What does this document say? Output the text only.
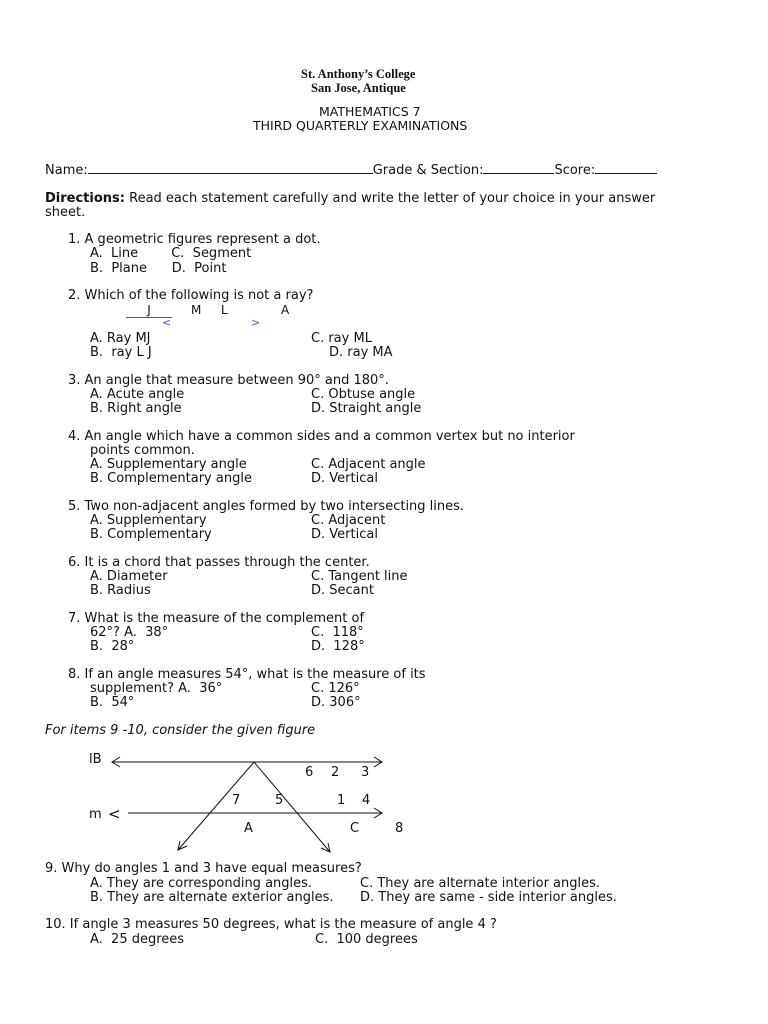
St. Anthony’s College
San Jose, Antique
MATHEMATICS 7
THIRD QUARTERLY EXAMINATIONS
Name:	Grade & Section:	Score:
Directions: Read each statement carefully and write the letter of your choice in your answer
sheet.
1. A geometric figures represent a dot.
A.  Line        C.  Segment
B.  Plane      D.  Point
2. Which of the following is not a ray?
J	M L	A
<	>
A. Ray MJ	C. ray ML
B.  ray L J	D. ray MA
3. An angle that measure between 90° and 180°.
A. Acute angle	C. Obtuse angle
B. Right angle	D. Straight angle
4. An angle which have a common sides and a common vertex but no interior
points common.
A. Supplementary angle	C. Adjacent angle
B. Complementary angle	D. Vertical
5. Two non-adjacent angles formed by two intersecting lines.
A. Supplementary	C. Adjacent
B. Complementary	D. Vertical
6. It is a chord that passes through the center.
A. Diameter	C. Tangent line
B. Radius	D. Secant
7. What is the measure of the complement of
62°? A.  38°	C.  118°
B.  28°	D.  128°
8. If an angle measures 54°, what is the measure of its
supplement? A.  36°	C. 126°
B.  54°	D. 306°
For items 9 -10, consider the given figure
lB
m <
6 2 3
7	5	1 4
A	C	8
9. Why do angles 1 and 3 have equal measures?
A. They are corresponding angles.	C. They are alternate interior angles.
B. They are alternate exterior angles. D. They are same - side interior angles.
10. If angle 3 measures 50 degrees, what is the measure of angle 4 ?
A.  25 degrees	C.  100 degrees
